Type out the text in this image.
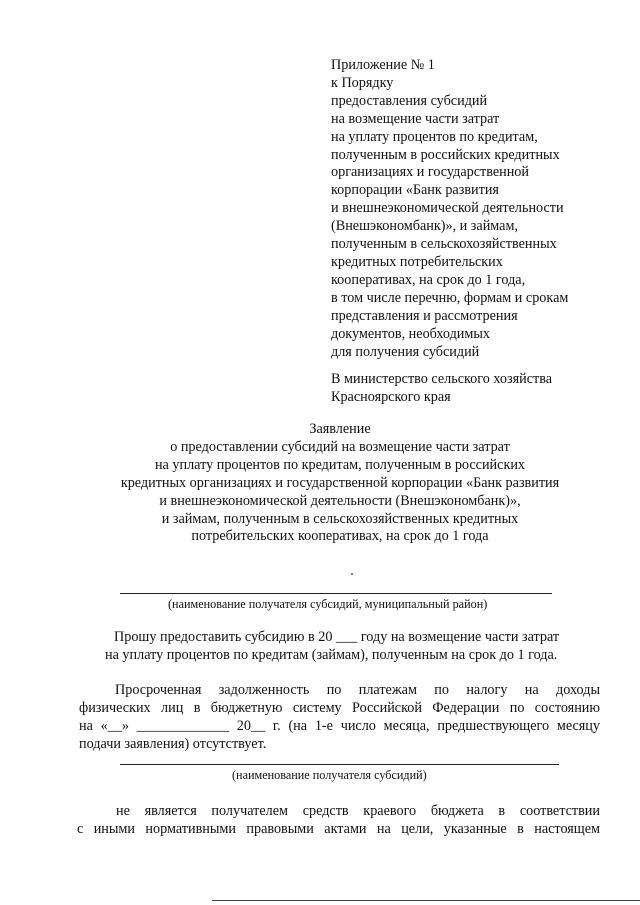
Приложение № 1
к Порядку
предоставления субсидий
на возмещение части затрат
на уплату процентов по кредитам,
полученным в российских кредитных
организациях и государственной
корпорации «Банк развития
и внешнеэкономической деятельности
(Внешэкономбанк)», и займам,
полученным в сельскохозяйственных
кредитных потребительских
кооперативах, на срок до 1 года,
в том числе перечню, формам и срокам
представления и рассмотрения
документов, необходимых
для получения субсидий
В министерство сельского хозяйства
Красноярского края
Заявление
о предоставлении субсидий на возмещение части затрат
на уплату процентов по кредитам, полученным в российских
кредитных организациях и государственной корпорации «Банк развития
и внешнеэкономической деятельности (Внешэкономбанк)»,
и займам, полученным в сельскохозяйственных кредитных
потребительских кооперативах, на срок до 1 года
(наименование получателя субсидий, муниципальный район)
Прошу предоставить субсидию в 20 ___ году на возмещение части затрат
на уплату процентов по кредитам (займам), полученным на срок до 1 года.
Просроченная задолженность по платежам по налогу на доходы
физических лиц в бюджетную систему Российской Федерации по состоянию
на «__» _____________ 20__ г. (на 1-е число месяца, предшествующего месяцу
подачи заявления) отсутствует.
(наименование получателя субсидий)
не является получателем средств краевого бюджета в соответствии
с иными нормативными правовыми актами на цели, указанные в настоящем
